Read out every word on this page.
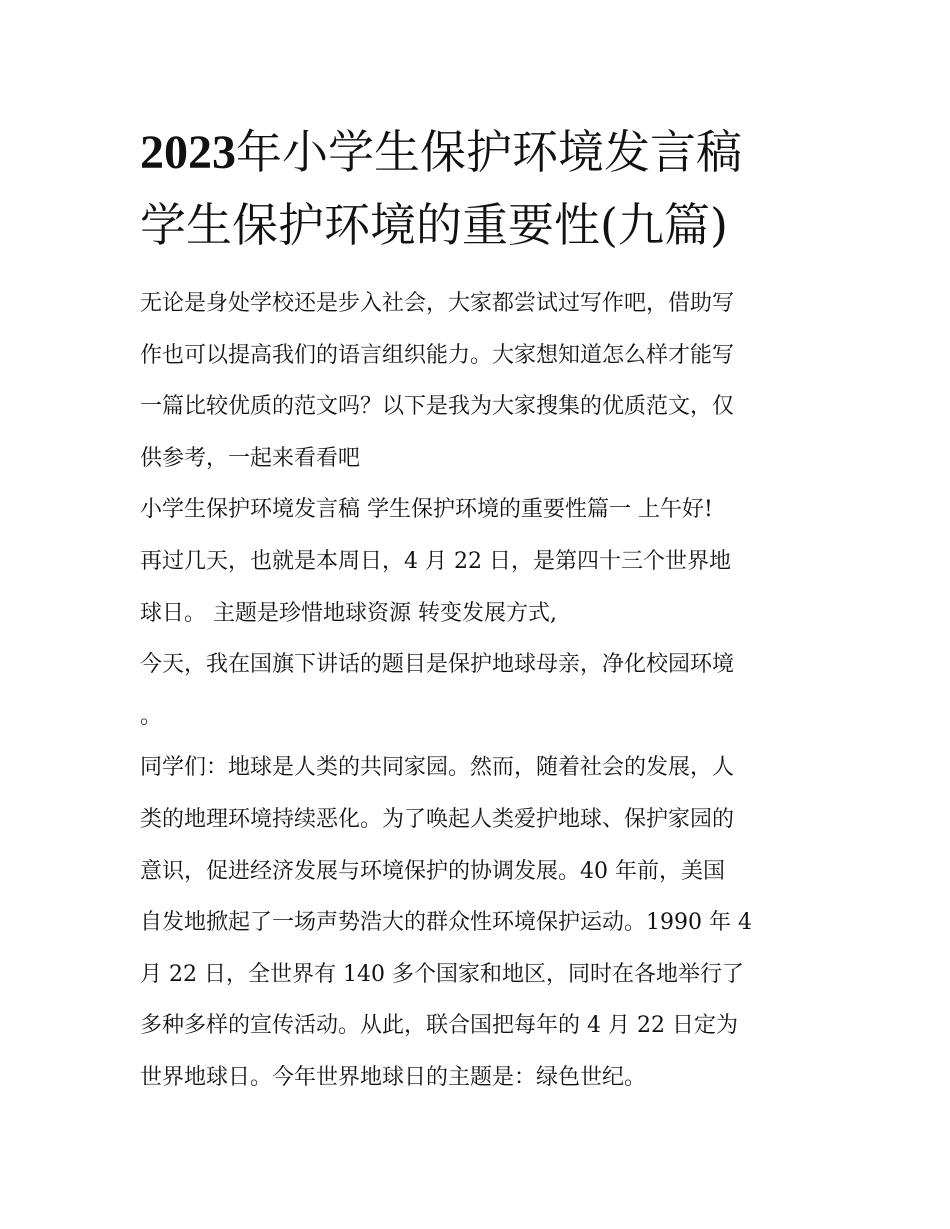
2023年小学生保护环境发言稿
学生保护环境的重要性(九篇)
无论是身处学校还是步入社会，大家都尝试过写作吧，借助写
作也可以提高我们的语言组织能力。大家想知道怎么样才能写
一篇比较优质的范文吗？以下是我为大家搜集的优质范文，仅
供参考，一起来看看吧
小学生保护环境发言稿 学生保护环境的重要性篇一 上午好!
再过几天，也就是本周日，4 月 22 日，是第四十三个世界地
球日。 主题是珍惜地球资源 转变发展方式,
今天，我在国旗下讲话的题目是保护地球母亲，净化校园环境
。
同学们：地球是人类的共同家园。然而，随着社会的发展，人
类的地理环境持续恶化。为了唤起人类爱护地球、保护家园的
意识，促进经济发展与环境保护的协调发展。40 年前，美国
自发地掀起了一场声势浩大的群众性环境保护运动。1990 年 4
月 22 日，全世界有 140 多个国家和地区，同时在各地举行了
多种多样的宣传活动。从此，联合国把每年的 4 月 22 日定为
世界地球日。今年世界地球日的主题是：绿色世纪。
